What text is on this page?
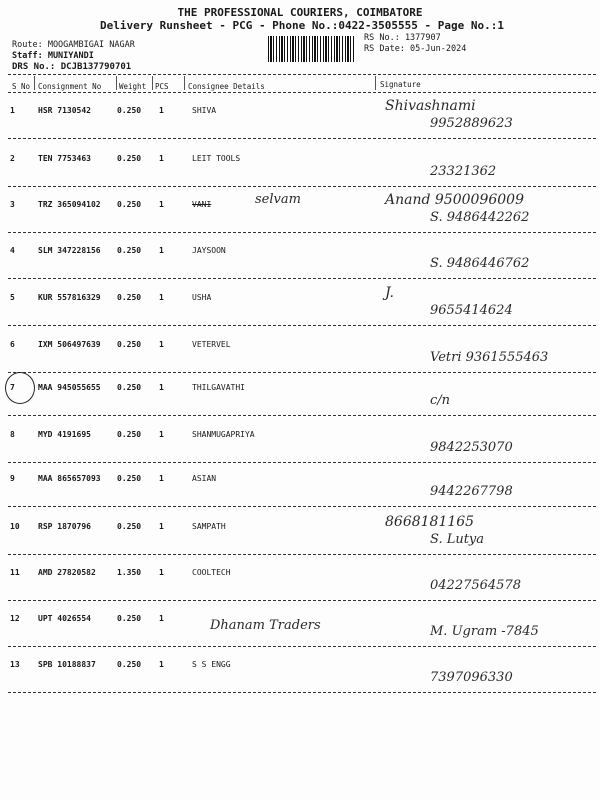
THE PROFESSIONAL COURIERS, COIMBATORE
Delivery Runsheet - PCG - Phone No.:0422-3505555 - Page No.:1
Route: MOOGAMBIGAI NAGAR
Staff: MUNIYANDI
RS No.: 1377907
RS Date: 05-Jun-2024
DRS No.: DCJB137790701
S No Consignment No Weight PCS	Consignee Details	Signature
1	HSR 7130542	0.250 1	SHIVA	Shivashnami
9952889623
2	TEN 7753463	0.250 1	LEIT TOOLS
23321362
3	TRZ 365094102 0.250 1	VANI	selvam	Anand 9500096009
S. 9486442262
4	SLM 347228156 0.250 1	JAYSOON
S. 9486446762
5	KUR 557816329 0.250 1	USHA	J.
9655414624
6	IXM 506497639 0.250 1	VETERVEL
Vetri 9361555463
7	MAA 945055655 0.250 1	THILGAVATHI
c/n
8	MYD 4191695	0.250 1	SHANMUGAPRIYA
9842253070
9	MAA 865657093 0.250 1	ASIAN
9442267798
10 RSP 1870796	0.250 1	SAMPATH	8668181165
S. Lutya
11 AMD 27820582	1.350 1	COOLTECH
04227564578
12 UPT 4026554	0.250 1	Dhanam Traders	M. Ugram -7845
13 SPB 10188837	0.250 1	S S ENGG
7397096330
